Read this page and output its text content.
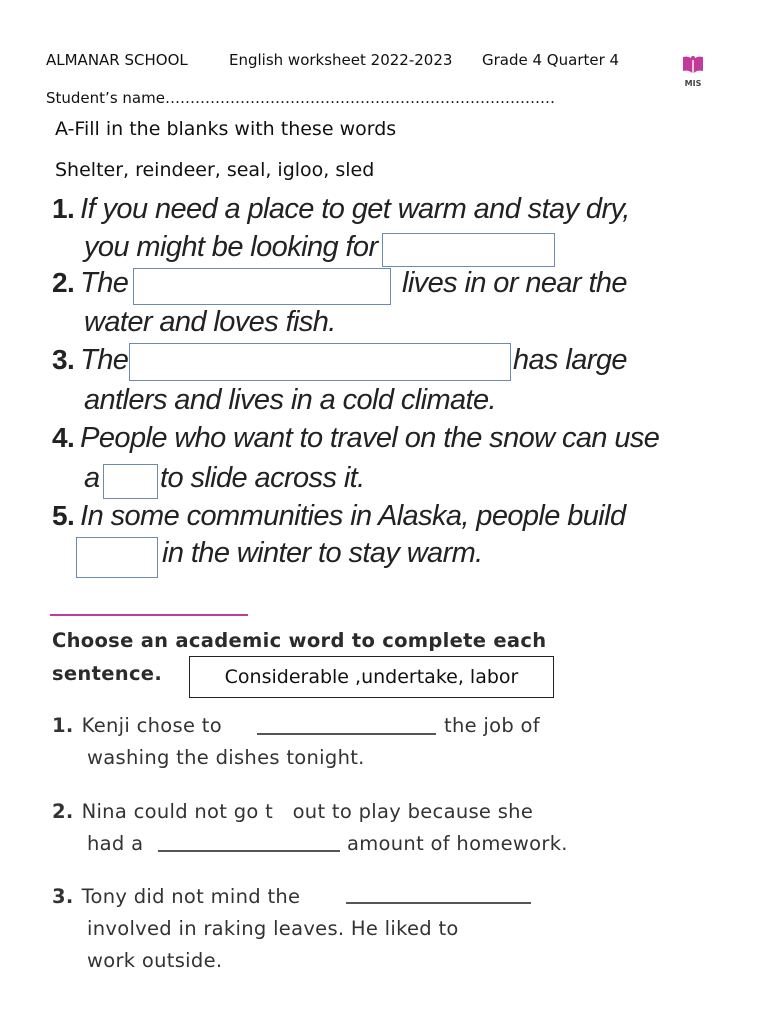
ALMANAR SCHOOL	English worksheet 2022-2023 Grade 4 Quarter 4
MIS
Student’s name……………………………………………………………………
A-Fill in the blanks with these words
Shelter, reindeer, seal, igloo, sled
1. If you need a place to get warm and stay dry,
you might be looking for
2. The	lives in or near the
water and loves fish.
3. The	has large
antlers and lives in a cold climate.
4. People who want to travel on the snow can use
a to slide across it.
5. In some communities in Alaska, people build
in the winter to stay warm.
Choose an academic word to complete each
sentence.	Considerable ,undertake, labor
1. Kenji chose to	the job of
washing the dishes tonight.
2. Nina could not go t   out to play because she
had a	amount of homework.
3. Tony did not mind the
involved in raking leaves. He liked to
work outside.
